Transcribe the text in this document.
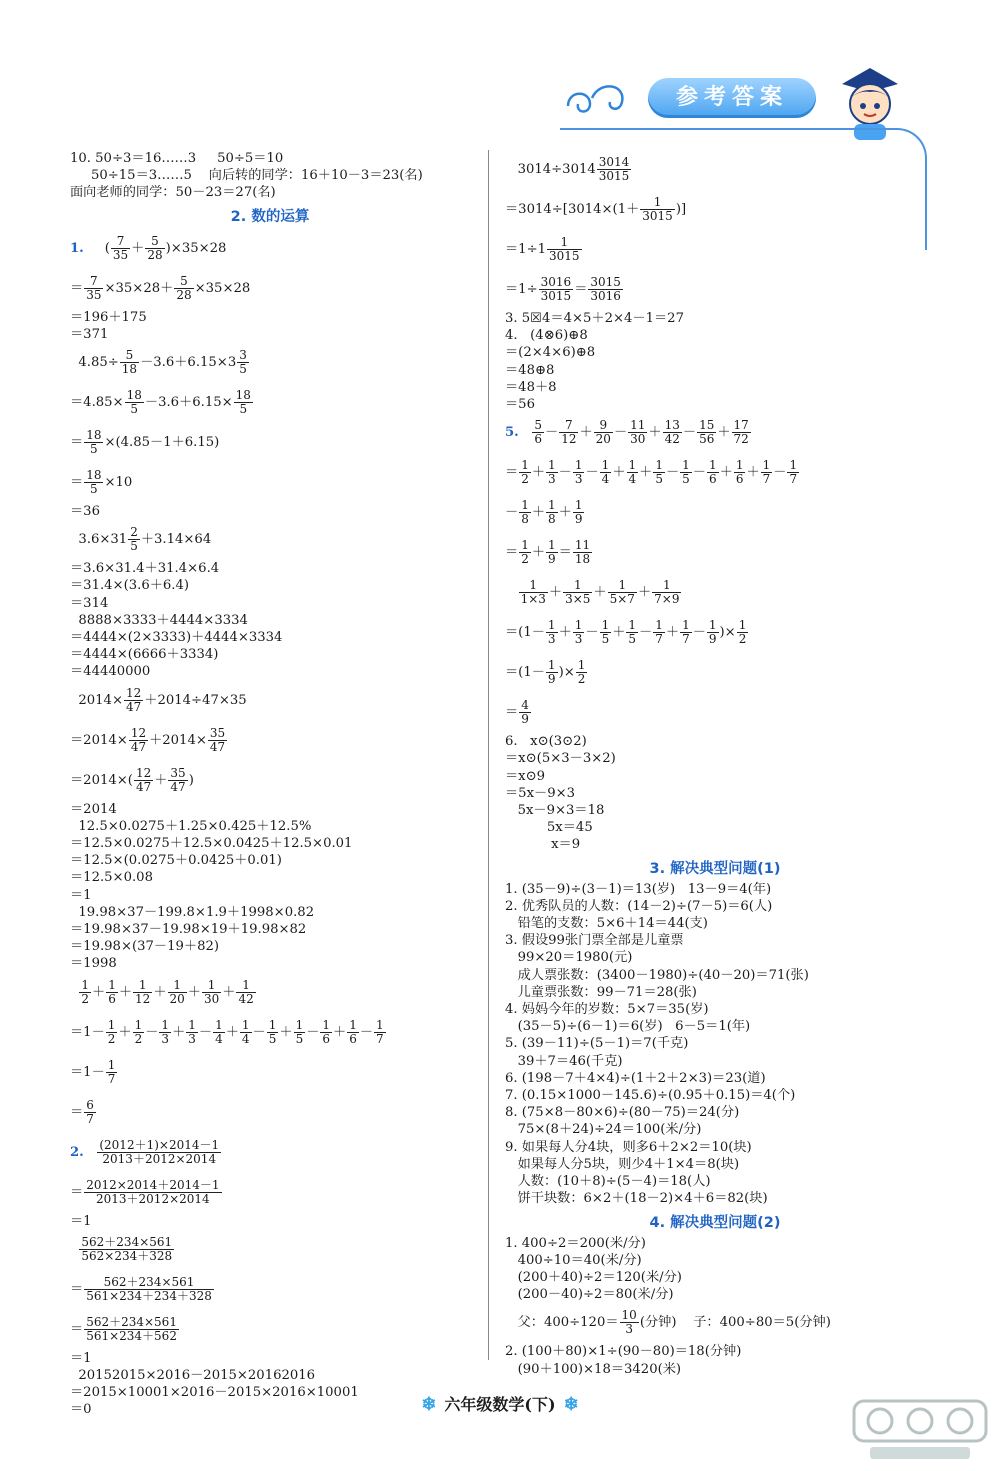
参考答案
10. 50÷3＝16……3     50÷5＝10
50÷15＝3……5    向后转的同学：16＋10－3＝23(名)
面向老师的同学：50－23＝27(名)
2. 数的运算
1.     ( $\frac{7}{35} + \frac{5}{28} )\times 35\times 28$
＝ $\frac{7}{35} \times 35\times 28+ \frac{5}{28} \times 35\times 28$
＝196＋175
＝371
$4.85\div \frac{5}{18} -3.6+6.15\times 3 \frac{3}{5}$
$=4.85\times \frac{18}{5} -3.6+6.15\times \frac{18}{5}$
＝ $\frac{18}{5} \times(4.85-1+6.15)$
＝ $\frac{18}{5} \times 10$
＝36
$3.6\times 31 \frac{2}{5} +3.14\times 64$
＝3.6×31.4＋31.4×6.4
＝31.4×(3.6＋6.4)
＝314
8888×3333＋4444×3334
＝4444×(2×3333)＋4444×3334
＝4444×(6666＋3334)
＝44440000
$2014\times \frac{12}{47} +2014\div 47\times 35$
$=2014\times \frac{12}{47} +2014\times \frac{35}{47}$
$=2014\times( \frac{12}{47} + \frac{35}{47}$ )
＝2014
12.5×0.0275＋1.25×0.425＋12.5%
＝12.5×0.0275＋12.5×0.0425＋12.5×0.01
＝12.5×(0.0275＋0.0425＋0.01)
＝12.5×0.08
＝1
19.98×37－199.8×1.9＋1998×0.82
＝19.98×37－19.98×19＋19.98×82
＝19.98×(37－19＋82)
＝1998

$\frac{1}{2} + \frac{1}{6} + \frac{1}{12} + \frac{1}{20} + \frac{1}{30} + \frac{1}{42}$
$=1- \frac{1}{2} + \frac{1}{2} - \frac{1}{3} + \frac{1}{3} - \frac{1}{4} + \frac{1}{4} - \frac{1}{5} + \frac{1}{5} - \frac{1}{6} + \frac{1}{6} - \frac{1}{7}$
$=1- \frac{1}{7}$
＝ $\frac{6}{7}$
2. $\frac{(2012+1)\times 2014-1}{2013+2012\times 2014}$
＝ $\frac{2012\times 2014+2014-1}{2013+2012\times 2014}$
＝1

$\frac{562+234\times 561}{562\times 234+328}$
＝ $\frac{562+234\times 561}{561\times 234+234+328}$
＝ $\frac{562+234\times 561}{561\times 234+562}$
＝1
20152015×2016－2015×20162016
＝2015×10001×2016－2015×2016×10001
＝0
$3014\div 3014 \frac{3014}{3015}$
$=3014\div[3014\times(1+ \frac{1}{3015}$ )]
$=1\div 1 \frac{1}{3015}$
$=1\div \frac{3016}{3015} = \frac{3015}{3016}$
3. 5☒4＝4×5＋2×4－1＝27
4.   (4⊗6)⊕8
＝(2×4×6)⊕8
＝48⊕8
＝48＋8
＝56
5. $\frac{5}{6} - \frac{7}{12} + \frac{9}{20} - \frac{11}{30} + \frac{13}{42} - \frac{15}{56} + \frac{17}{72}$
＝ $\frac{1}{2} + \frac{1}{3} - \frac{1}{3} - \frac{1}{4} + \frac{1}{4} + \frac{1}{5} - \frac{1}{5} - \frac{1}{6} + \frac{1}{6} + \frac{1}{7} - \frac{1}{7}$
－ $\frac{1}{8} + \frac{1}{8} + \frac{1}{9}$
＝ $\frac{1}{2} + \frac{1}{9} = \frac{11}{18}$

$\frac{1}{1\times 3} + \frac{1}{3\times 5} + \frac{1}{5\times 7} + \frac{1}{7\times 9}$
$=(1- \frac{1}{3} + \frac{1}{3} - \frac{1}{5} + \frac{1}{5} - \frac{1}{7} + \frac{1}{7} - \frac{1}{9}$ )× $\frac{1}{2}$
$=(1- \frac{1}{9}$ )× $\frac{1}{2}$
＝ $\frac{4}{9}$
6.   x⊙(3⊙2)
＝x⊙(5×3－3×2)
＝x⊙9
＝5x－9×3
5x－9×3＝18
5x＝45
x＝9
3. 解决典型问题(1)
1. (35－9)÷(3－1)＝13(岁)   13－9＝4(年)
2. 优秀队员的人数：(14－2)÷(7－5)＝6(人)
铅笔的支数：5×6＋14＝44(支)
3. 假设99张门票全部是儿童票
99×20＝1980(元)
成人票张数：(3400－1980)÷(40－20)＝71(张)
儿童票张数：99－71＝28(张)
4. 妈妈今年的岁数：5×7＝35(岁)
(35－5)÷(6－1)＝6(岁)   6－5＝1(年)
5. (39－11)÷(5－1)＝7(千克)
39＋7＝46(千克)
6. (198－7＋4×4)÷(1＋2＋2×3)＝23(道)
7. (0.15×1000－145.6)÷(0.95＋0.15)＝4(个)
8. (75×8－80×6)÷(80－75)＝24(分)
75×(8＋24)÷24＝100(米/分)
9. 如果每人分4块，则多6＋2×2＝10(块)
如果每人分5块，则少4＋1×4＝8(块)
人数：(10＋8)÷(5－4)＝18(人)
饼干块数：6×2＋(18－2)×4＋6＝82(块)
4. 解决典型问题(2)
1. 400÷2＝200(米/分)
400÷10＝40(米/分)
(200＋40)÷2＝120(米/分)
(200－40)÷2＝80(米/分)
父：$400\div 120= \frac{10}{3}$ (分钟)    子：400÷80＝5(分钟)
2. (100＋80)×1÷(90－80)＝18(分钟)
(90＋100)×18＝3420(米)
❄ 六年级数学(下) ❄
